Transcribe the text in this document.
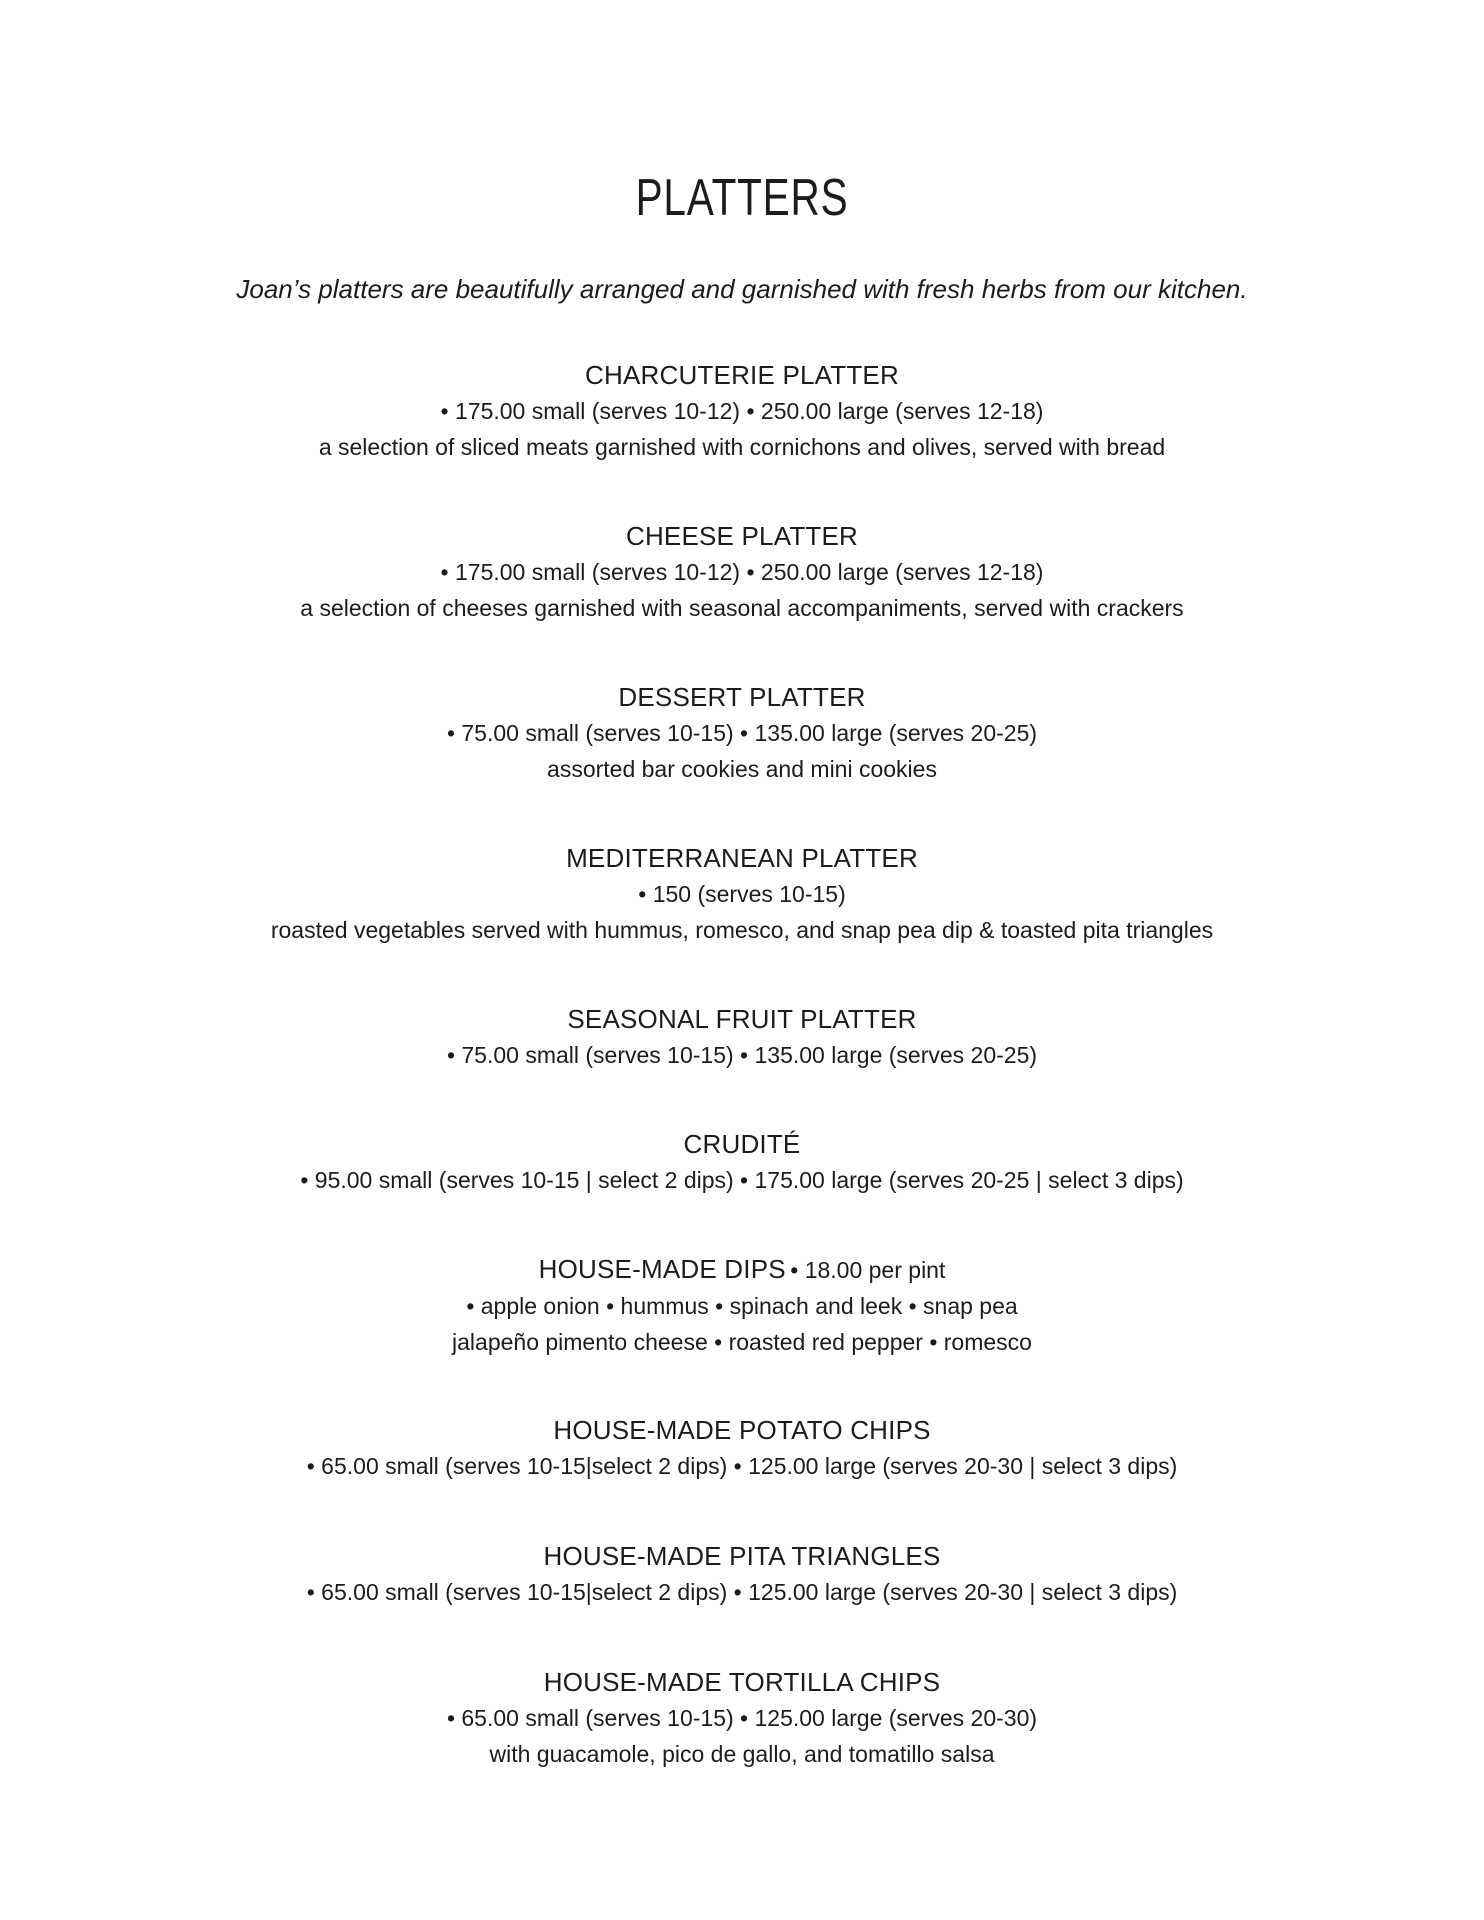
PLATTERS
Joan’s platters are beautifully arranged and garnished with fresh herbs from our kitchen.
CHARCUTERIE PLATTER
• 175.00 small (serves 10-12) • 250.00 large (serves 12-18)
a selection of sliced meats garnished with cornichons and olives, served with bread
CHEESE PLATTER
• 175.00 small (serves 10-12) • 250.00 large (serves 12-18)
a selection of cheeses garnished with seasonal accompaniments, served with crackers
DESSERT PLATTER
• 75.00 small (serves 10-15) • 135.00 large (serves 20-25)
assorted bar cookies and mini cookies
MEDITERRANEAN PLATTER
• 150 (serves 10-15)
roasted vegetables served with hummus, romesco, and snap pea dip & toasted pita triangles
SEASONAL FRUIT PLATTER
• 75.00 small (serves 10-15) • 135.00 large (serves 20-25)
CRUDITÉ
• 95.00 small (serves 10-15 | select 2 dips) • 175.00 large (serves 20-25 | select 3 dips)
HOUSE-MADE DIPS • 18.00 per pint
• apple onion • hummus • spinach and leek • snap pea
jalapeño pimento cheese • roasted red pepper • romesco
HOUSE-MADE POTATO CHIPS
• 65.00 small (serves 10-15|select 2 dips) • 125.00 large (serves 20-30 | select 3 dips)
HOUSE-MADE PITA TRIANGLES
• 65.00 small (serves 10-15|select 2 dips) • 125.00 large (serves 20-30 | select 3 dips)
HOUSE-MADE TORTILLA CHIPS
• 65.00 small (serves 10-15) • 125.00 large (serves 20-30)
with guacamole, pico de gallo, and tomatillo salsa
